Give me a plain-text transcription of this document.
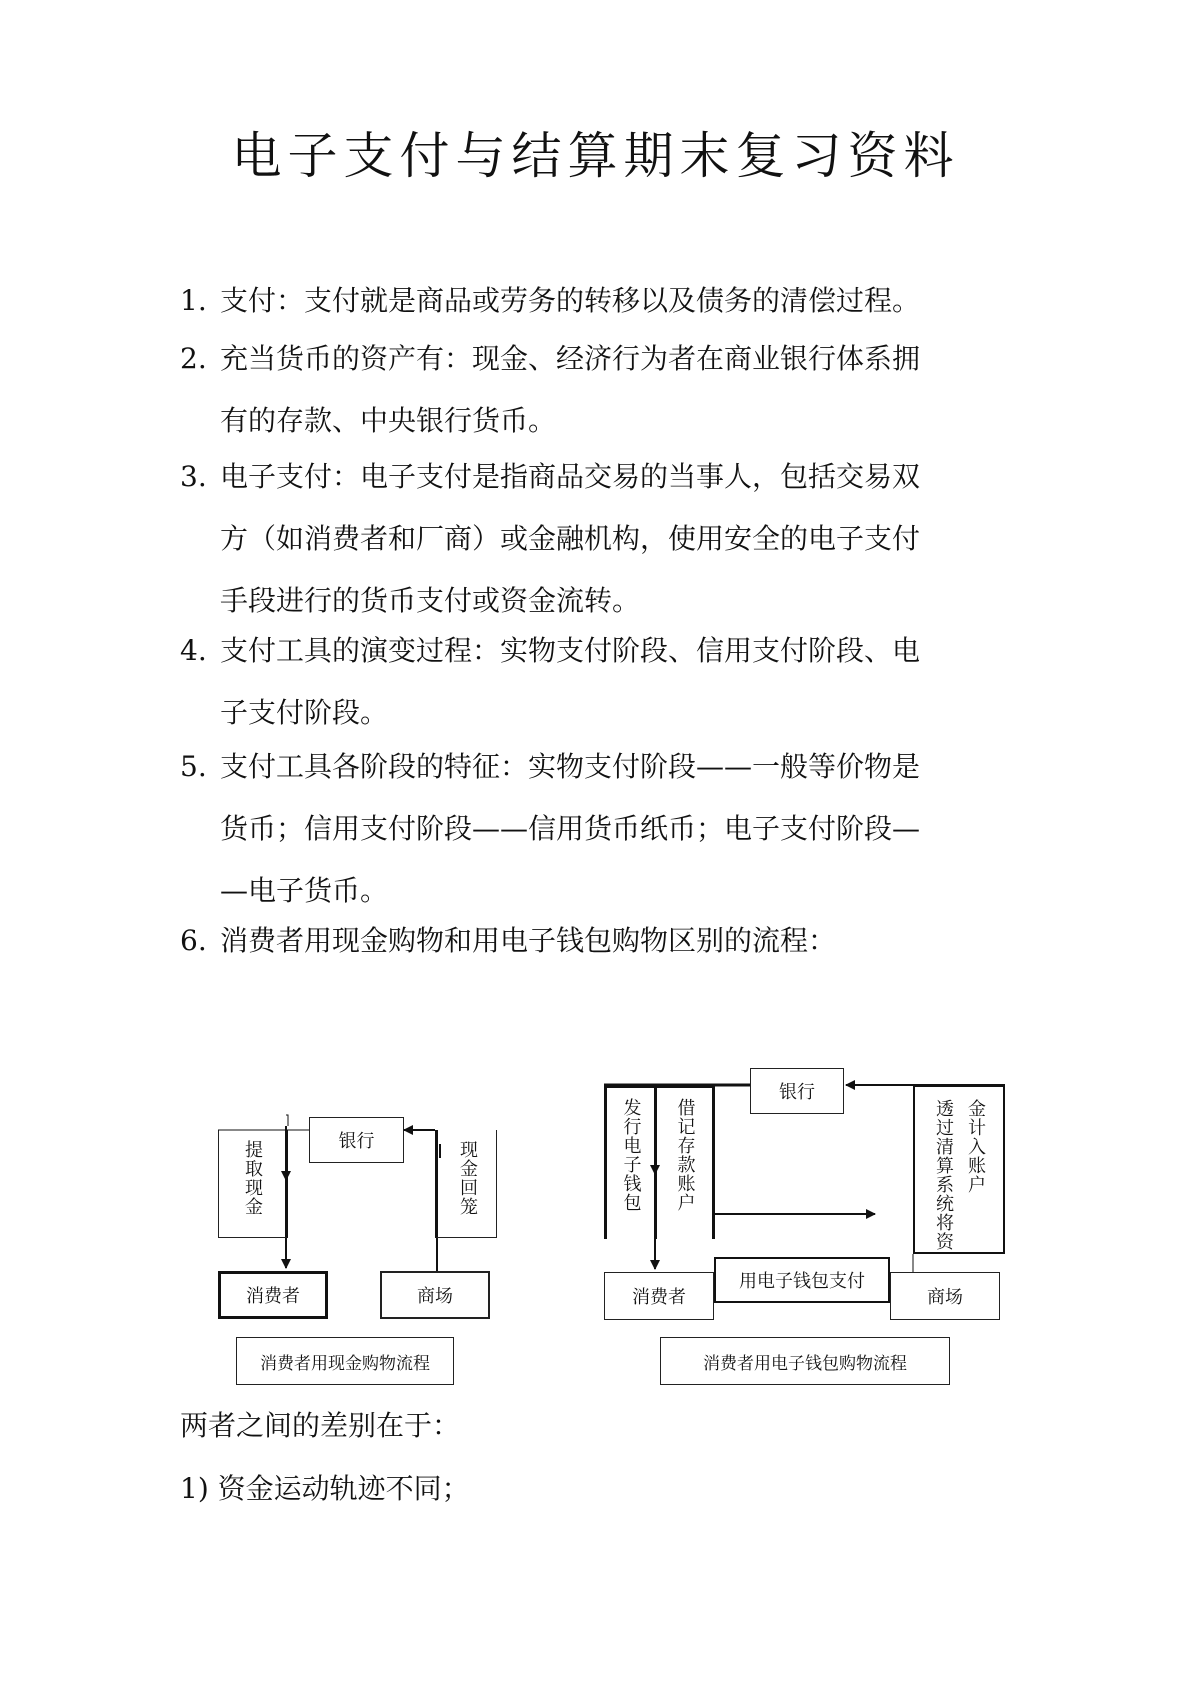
电子支付与结算期末复习资料
1. 支付：支付就是商品或劳务的转移以及债务的清偿过程。
2. 充当货币的资产有：现金、经济行为者在商业银行体系拥
有的存款、中央银行货币。
3. 电子支付：电子支付是指商品交易的当事人，包括交易双
方（如消费者和厂商）或金融机构，使用安全的电子支付
手段进行的货币支付或资金流转。
4. 支付工具的演变过程：实物支付阶段、信用支付阶段、电
子支付阶段。
5. 支付工具各阶段的特征：实物支付阶段——一般等价物是
货币；信用支付阶段——信用货币纸币；电子支付阶段—
—电子货币。
6. 消费者用现金购物和用电子钱包购物区别的流程：
提取现金	银行	现金回笼
消费者	商场
消费者用现金购物流程
发行电子钱包 借记存款账户
银行
透过清算系统将资 金计入账户
消费者
用电子钱包支付
商场
消费者用电子钱包购物流程
两者之间的差别在于：
1) 资金运动轨迹不同；
